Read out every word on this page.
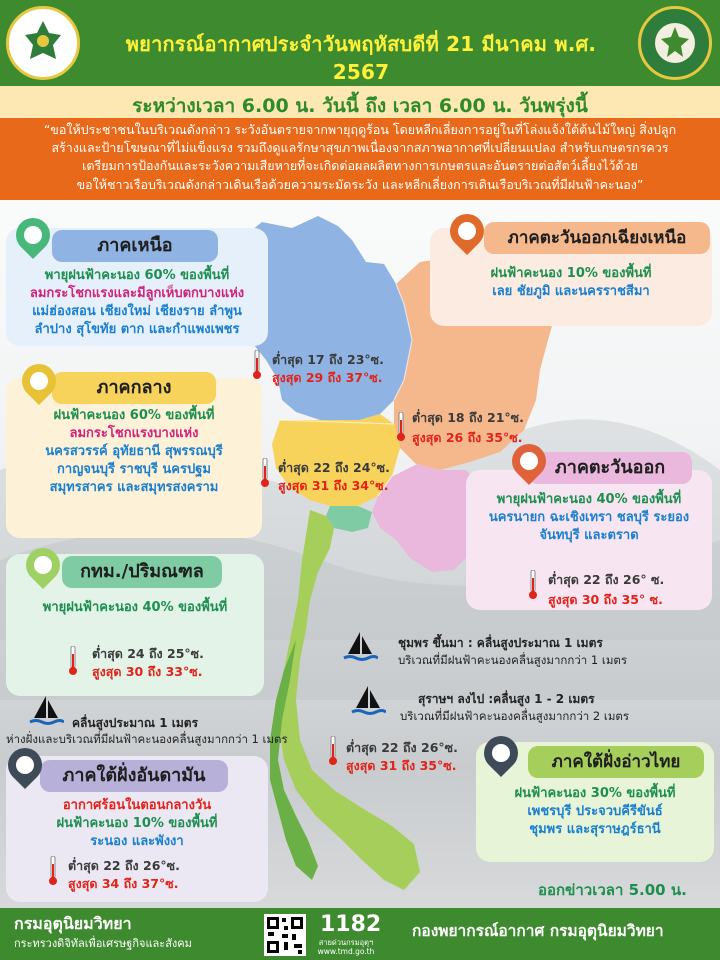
พยากรณ์อากาศประจำวันพฤหัสบดีที่ 21 มีนาคม พ.ศ. 2567
ระหว่างเวลา 6.00 น. วันนี้ ถึง เวลา 6.00 น. วันพรุ่งนี้
“ขอให้ประชาชนในบริเวณดังกล่าว ระวังอันตรายจากพายุฤดูร้อน โดยหลีกเลี่ยงการอยู่ในที่โล่งแจ้งใต้ต้นไม้ใหญ่ สิ่งปลูก
สร้างและป้ายโฆษณาที่ไม่แข็งแรง รวมถึงดูแลรักษาสุขภาพเนื่องจากสภาพอากาศที่เปลี่ยนแปลง สำหรับเกษตรกรควร
เตรียมการป้องกันและระวังความเสียหายที่จะเกิดต่อผลผลิตทางการเกษตรและอันตรายต่อสัตว์เลี้ยงไว้ด้วย
ขอให้ชาวเรือบริเวณดังกล่าวเดินเรือด้วยความระมัดระวัง และหลีกเลี่ยงการเดินเรือบริเวณที่มีฝนฟ้าคะนอง”
ภาคเหนือ
พายุฝนฟ้าคะนอง 60% ของพื้นที่
ลมกระโชกแรงและมีลูกเห็บตกบางแห่ง
แม่ฮ่องสอน เชียงใหม่ เชียงราย ลำพูน
ลำปาง สุโขทัย ตาก และกำแพงเพชร
ต่ำสุด 17 ถึง 23°ซ.
สูงสุด 29 ถึง 37°ซ.
ภาคตะวันออกเฉียงเหนือ
ฝนฟ้าคะนอง 10% ของพื้นที่
เลย ชัยภูมิ และนครราชสีมา
ต่ำสุด 18 ถึง 21°ซ.
สูงสุด 26 ถึง 35°ซ.
ภาคกลาง
ฝนฟ้าคะนอง 60% ของพื้นที่
ลมกระโชกแรงบางแห่ง
นครสวรรค์ อุทัยธานี สุพรรณบุรี
กาญจนบุรี ราชบุรี นครปฐม
สมุทรสาคร และสมุทรสงคราม
ต่ำสุด 22 ถึง 24°ซ.
สูงสุด 31 ถึง 34°ซ.
ภาคตะวันออก
พายุฝนฟ้าคะนอง 40% ของพื้นที่
นครนายก ฉะเชิงเทรา ชลบุรี ระยอง
จันทบุรี และตราด
ต่ำสุด 22 ถึง 26° ซ.
สูงสุด 30 ถึง 35° ซ.
กทม./ปริมณฑล
พายุฝนฟ้าคะนอง 40% ของพื้นที่
ต่ำสุด 24 ถึง 25°ซ.
สูงสุด 30 ถึง 33°ซ.
ชุมพร ขึ้นมา : คลื่นสูงประมาณ 1 เมตร
บริเวณที่มีฝนฟ้าคะนองคลื่นสูงมากกว่า 1 เมตร
สุราษฯ ลงไป :คลื่นสูง 1 - 2 เมตร
บริเวณที่มีฝนฟ้าคะนองคลื่นสูงมากกว่า 2 เมตร
คลื่นสูงประมาณ 1 เมตร
ห่างฝั่งและบริเวณที่มีฝนฟ้าคะนองคลื่นสูงมากกว่า 1 เมตร
ต่ำสุด 22 ถึง 26°ซ.
สูงสุด 31 ถึง 35°ซ.
ภาคใต้ฝั่งอันดามัน
อากาศร้อนในตอนกลางวัน
ฝนฟ้าคะนอง 10% ของพื้นที่
ระนอง และพังงา
ต่ำสุด 22 ถึง 26°ซ.
สูงสุด 34 ถึง 37°ซ.
ภาคใต้ฝั่งอ่าวไทย
ฝนฟ้าคะนอง 30% ของพื้นที่
เพชรบุรี ประจวบคีรีขันธ์
ชุมพร และสุราษฎร์ธานี
ออกข่าวเวลา 5.00 น.
กรมอุตุนิยมวิทยา
กระทรวงดิจิทัลเพื่อเศรษฐกิจและสังคม
1182
สายด่วนกรมอุตุฯ
www.tmd.go.th
กองพยากรณ์อากาศ กรมอุตุนิยมวิทยา
